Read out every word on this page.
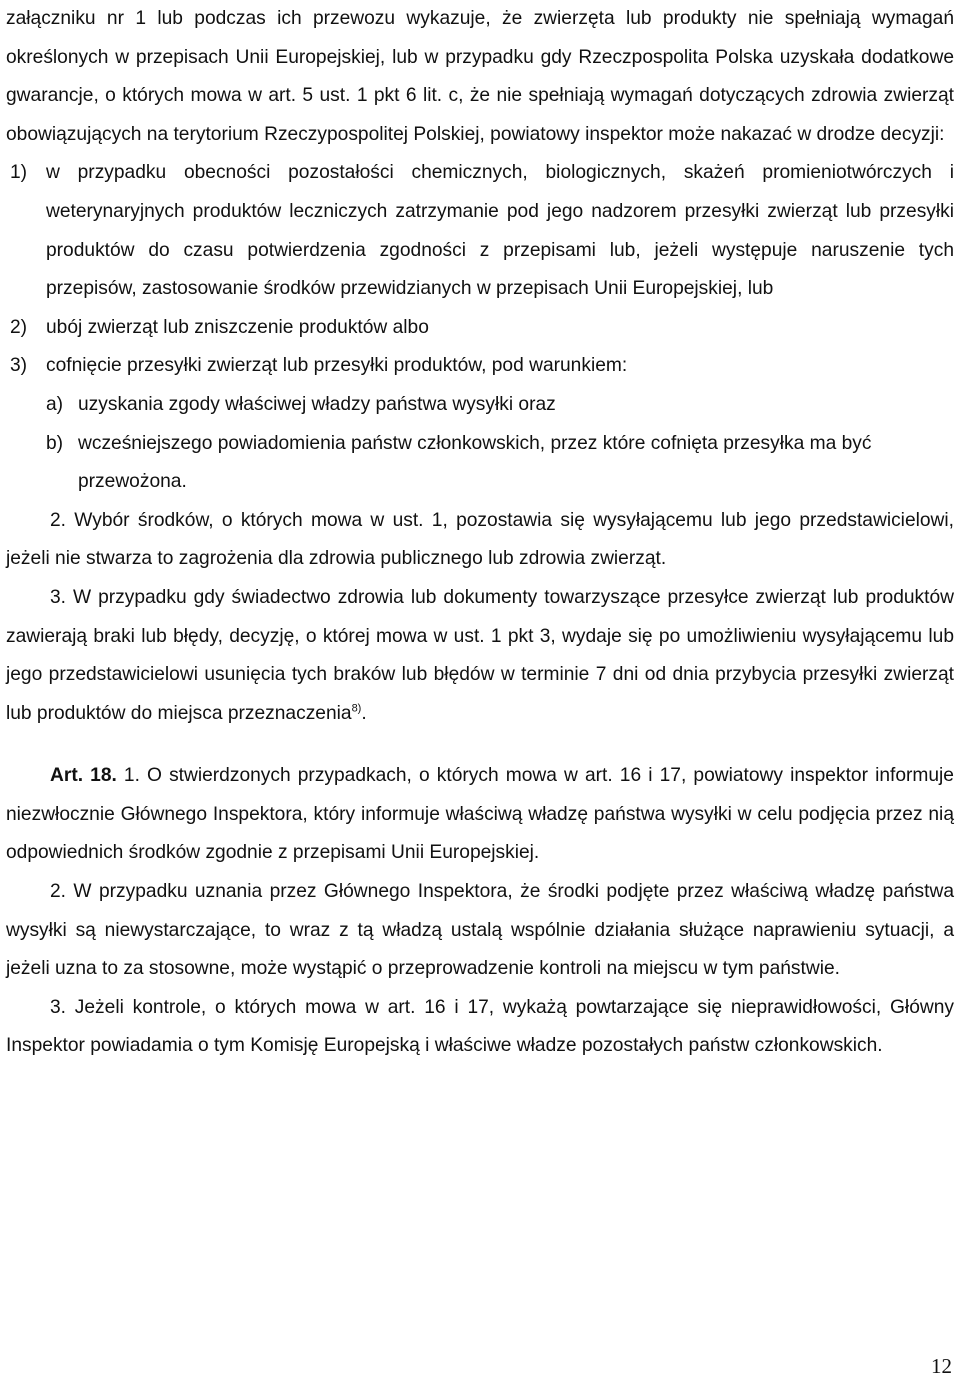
załączniku nr 1 lub podczas ich przewozu wykazuje, że zwierzęta lub produkty nie spełniają wymagań określonych w przepisach Unii Europejskiej, lub w przypadku gdy Rzeczpospolita Polska uzyskała dodatkowe gwarancje, o których mowa w art. 5 ust. 1 pkt 6 lit. c, że nie spełniają wymagań dotyczących zdrowia zwierząt obowiązujących na terytorium Rzeczypospolitej Polskiej, powiatowy inspektor może nakazać w drodze decyzji:

1) w przypadku obecności pozostałości chemicznych, biologicznych, skażeń promieniotwórczych i weterynaryjnych produktów leczniczych zatrzymanie pod jego nadzorem przesyłki zwierząt lub przesyłki produktów do czasu potwierdzenia zgodności z przepisami lub, jeżeli występuje naruszenie tych przepisów, zastosowanie środków przewidzianych w przepisach Unii Europejskiej, lub

2) ubój zwierząt lub zniszczenie produktów albo

3) cofnięcie przesyłki zwierząt lub przesyłki produktów, pod warunkiem:

a) uzyskania zgody właściwej władzy państwa wysyłki oraz

b) wcześniejszego powiadomienia państw członkowskich, przez które cofnięta przesyłka ma być przewożona.

2. Wybór środków, o których mowa w ust. 1, pozostawia się wysyłającemu lub jego przedstawicielowi, jeżeli nie stwarza to zagrożenia dla zdrowia publicznego lub zdrowia zwierząt.

3. W przypadku gdy świadectwo zdrowia lub dokumenty towarzyszące przesyłce zwierząt lub produktów zawierają braki lub błędy, decyzję, o której mowa w ust. 1 pkt 3, wydaje się po umożliwieniu wysyłającemu lub jego przedstawicielowi usunięcia tych braków lub błędów w terminie 7 dni od dnia przybycia przesyłki zwierząt lub produktów do miejsca przeznaczenia$^{8)}$.

Art. 18. 1. O stwierdzonych przypadkach, o których mowa w art. 16 i 17, powiatowy inspektor informuje niezwłocznie Głównego Inspektora, który informuje właściwą władzę państwa wysyłki w celu podjęcia przez nią odpowiednich środków zgodnie z przepisami Unii Europejskiej.

2. W przypadku uznania przez Głównego Inspektora, że środki podjęte przez właściwą władzę państwa wysyłki są niewystarczające, to wraz z tą władzą ustalą wspólnie działania służące naprawieniu sytuacji, a jeżeli uzna to za stosowne, może wystąpić o przeprowadzenie kontroli na miejscu w tym państwie.

3. Jeżeli kontrole, o których mowa w art. 16 i 17, wykażą powtarzające się nieprawidłowości, Główny Inspektor powiadamia o tym Komisję Europejską i właściwe władze pozostałych państw członkowskich.

12
